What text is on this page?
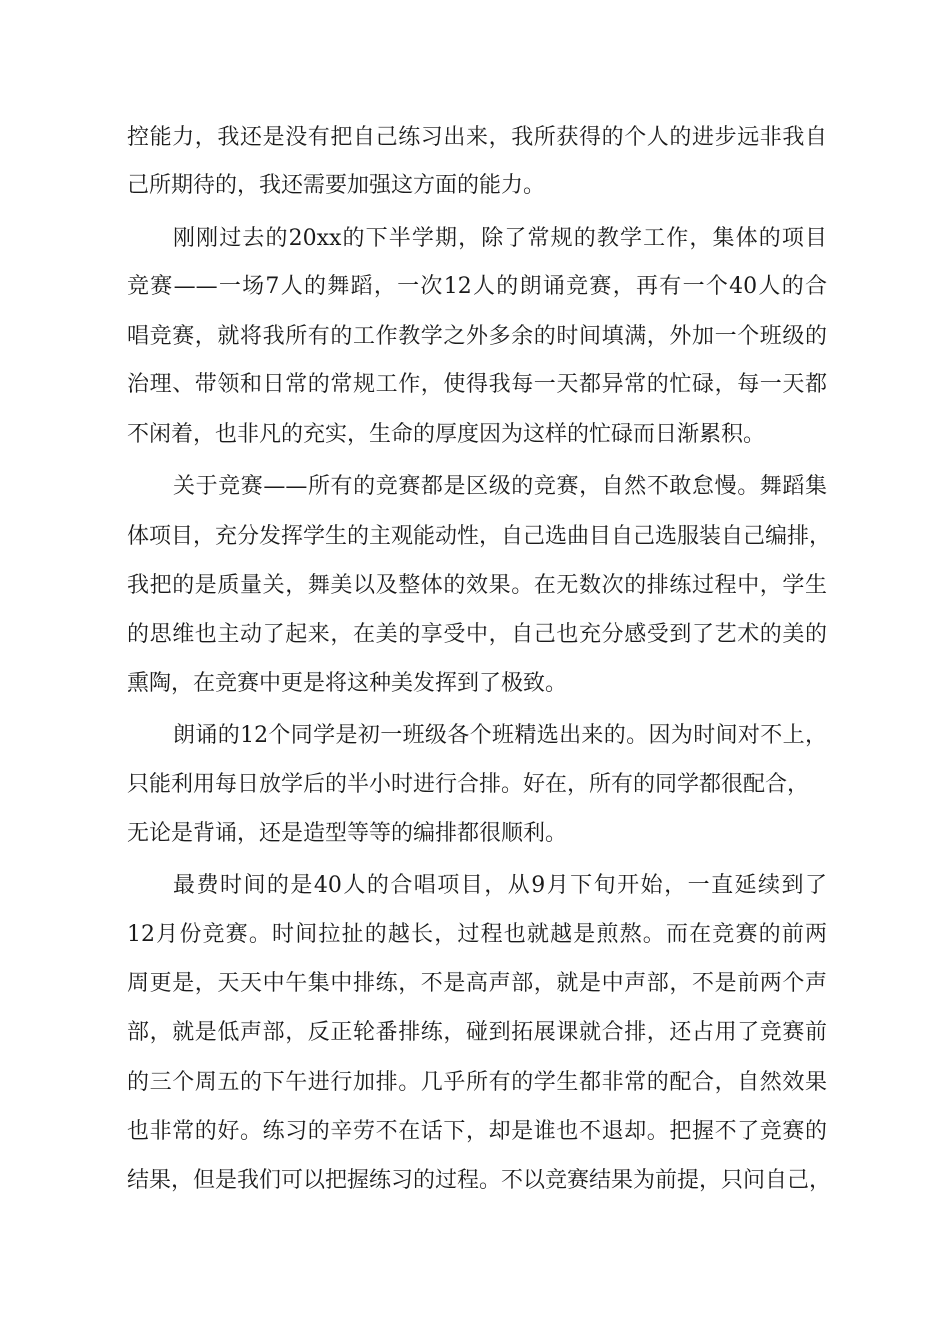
控能力，我还是没有把自己练习出来，我所获得的个人的进步远非我自
己所期待的，我还需要加强这方面的能力。
刚刚过去的20xx的下半学期，除了常规的教学工作，集体的项目
竞赛——一场7人的舞蹈，一次12人的朗诵竞赛，再有一个40人的合
唱竞赛，就将我所有的工作教学之外多余的时间填满，外加一个班级的
治理、带领和日常的常规工作，使得我每一天都异常的忙碌，每一天都
不闲着，也非凡的充实，生命的厚度因为这样的忙碌而日渐累积。
关于竞赛——所有的竞赛都是区级的竞赛，自然不敢怠慢。舞蹈集
体项目，充分发挥学生的主观能动性，自己选曲目自己选服装自己编排，
我把的是质量关，舞美以及整体的效果。在无数次的排练过程中，学生
的思维也主动了起来，在美的享受中，自己也充分感受到了艺术的美的
熏陶，在竞赛中更是将这种美发挥到了极致。
朗诵的12个同学是初一班级各个班精选出来的。因为时间对不上，
只能利用每日放学后的半小时进行合排。好在，所有的同学都很配合，
无论是背诵，还是造型等等的编排都很顺利。
最费时间的是40人的合唱项目，从9月下旬开始，一直延续到了
12月份竞赛。时间拉扯的越长，过程也就越是煎熬。而在竞赛的前两
周更是，天天中午集中排练，不是高声部，就是中声部，不是前两个声
部，就是低声部，反正轮番排练，碰到拓展课就合排，还占用了竞赛前
的三个周五的下午进行加排。几乎所有的学生都非常的配合，自然效果
也非常的好。练习的辛劳不在话下，却是谁也不退却。把握不了竞赛的
结果，但是我们可以把握练习的过程。不以竞赛结果为前提，只问自己，
